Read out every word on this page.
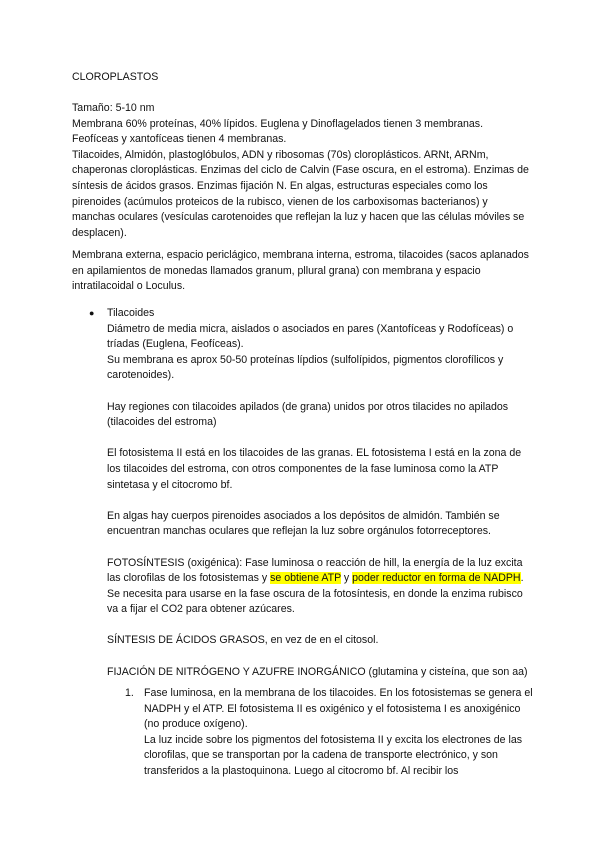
CLOROPLASTOS

Tamaño: 5-10 nm

Membrana 60% proteínas, 40% lípidos. Euglena y Dinoflagelados tienen 3 membranas. Feofíceas y xantofíceas tienen 4 membranas.

Tilacoides, Almidón, plastoglóbulos, ADN y ribosomas (70s) cloroplásticos. ARNt, ARNm, chaperonas cloroplásticas. Enzimas del ciclo de Calvin (Fase oscura, en el estroma). Enzimas de síntesis de ácidos grasos. Enzimas fijación N. En algas, estructuras especiales como los pirenoides (acúmulos proteicos de la rubisco, vienen de los carboxisomas bacterianos) y manchas oculares (vesículas carotenoides que reflejan la luz y hacen que las células móviles se desplacen).

Membrana externa, espacio periclágico, membrana interna, estroma, tilacoides (sacos aplanados en apilamientos de monedas llamados granum, pllural grana) con membrana y espacio intratilacoidal o Loculus.

● Tilacoides

Diámetro de media micra, aislados o asociados en pares (Xantofíceas y Rodofíceas) o tríadas (Euglena, Feofíceas).

Su membrana es aprox 50-50 proteínas lípdios (sulfolípidos, pigmentos clorofílicos y carotenoides).

Hay regiones con tilacoides apilados (de grana) unidos por otros tilacides no apilados (tilacoides del estroma)

El fotosistema II está en los tilacoides de las granas. EL fotosistema I está en la zona de los tilacoides del estroma, con otros componentes de la fase luminosa como la ATP sintetasa y el citocromo bf.

En algas hay cuerpos pirenoides asociados a los depósitos de almidón. También se encuentran manchas oculares que reflejan la luz sobre orgánulos fotorreceptores.

FOTOSÍNTESIS (oxigénica): Fase luminosa o reacción de hill, la energía de la luz excita las clorofilas de los fotosistemas y se obtiene ATP y poder reductor en forma de NADPH. Se necesita para usarse en la fase oscura de la fotosíntesis, en donde la enzima rubisco va a fijar el CO2 para obtener azúcares.

SÍNTESIS DE ÁCIDOS GRASOS, en vez de en el citosol.

FIJACIÓN DE NITRÓGENO Y AZUFRE INORGÁNICO (glutamina y cisteína, que son aa)

1. Fase luminosa, en la membrana de los tilacoides. En los fotosistemas se genera el NADPH y el ATP. El fotosistema II es oxigénico y el fotosistema I es anoxigénico (no produce oxígeno).

La luz incide sobre los pigmentos del fotosistema II y excita los electrones de las clorofilas, que se transportan por la cadena de transporte electrónico, y son transferidos a la plastoquinona. Luego al citocromo bf. Al recibir los
